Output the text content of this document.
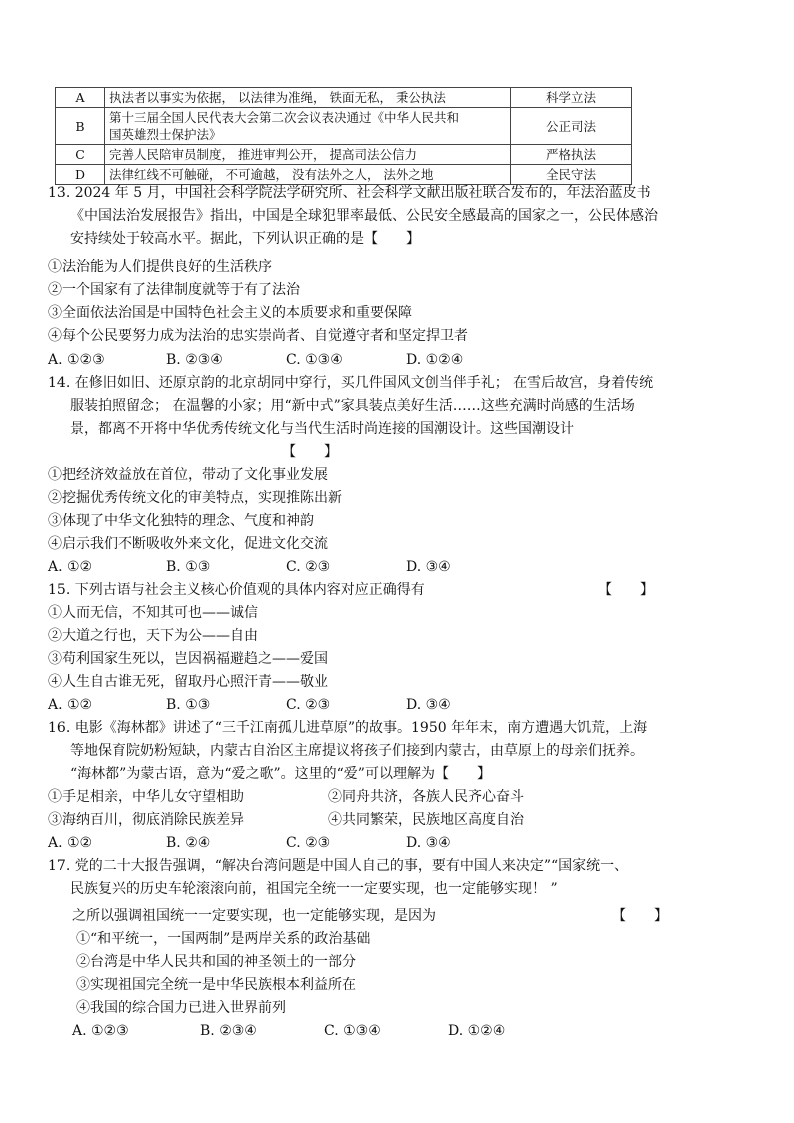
A	执法者以事实为依据， 以法律为准绳， 铁面无私， 秉公执法	科学立法
B	第十三届全国人民代表大会第二次会议表决通过《中华人民共和
国英雄烈士保护法》	公正司法
C	完善人民陪审员制度， 推进审判公开， 提高司法公信力	严格执法
D	法律红线不可触碰， 不可逾越， 没有法外之人， 法外之地	全民守法
13. 2024 年 5 月，中国社会科学院法学研究所、社会科学文献出版社联合发布的，年法治蓝皮书
《中国法治发展报告》指出，中国是全球犯罪率最低、公民安全感最高的国家之一，公民体感治
安持续处于较高水平。据此，下列认识正确的是【　　】
①法治能为人们提供良好的生活秩序
②一个国家有了法律制度就等于有了法治
③全面依法治国是中国特色社会主义的本质要求和重要保障
④每个公民要努力成为法治的忠实崇尚者、自觉遵守者和坚定捍卫者
A. ①②③	B. ②③④	C. ①③④	D. ①②④
14. 在修旧如旧、还原京韵的北京胡同中穿行，买几件国风文创当伴手礼； 在雪后故宫，身着传统
服装拍照留念； 在温馨的小家；用“新中式”家具装点美好生活……这些充满时尚感的生活场
景，都离不开将中华优秀传统文化与当代生活时尚连接的国潮设计。这些国潮设计
【　　】
①把经济效益放在首位，带动了文化事业发展
②挖掘优秀传统文化的审美特点，实现推陈出新
③体现了中华文化独特的理念、气度和神韵
④启示我们不断吸收外来文化，促进文化交流
A. ①②	B. ①③	C. ②③	D. ③④
15. 下列古语与社会主义核心价值观的具体内容对应正确得有	【　　】
①人而无信，不知其可也——诚信
②大道之行也，天下为公——自由
③苟利国家生死以，岂因祸福避趋之——爱国
④人生自古谁无死，留取丹心照汗青——敬业
A. ①②	B. ①③	C. ②③	D. ③④
16. 电影《海林都》讲述了“三千江南孤儿进草原”的故事。1950 年年末，南方遭遇大饥荒，上海
等地保育院奶粉短缺，内蒙古自治区主席提议将孩子们接到内蒙古，由草原上的母亲们抚养。
“海林都”为蒙古语，意为“爱之歌”。这里的“爱”可以理解为【　　】
①手足相亲，中华儿女守望相助	②同舟共济，各族人民齐心奋斗
③海纳百川，彻底消除民族差异	④共同繁荣，民族地区高度自治
A. ①②	B. ②④	C. ②③	D. ③④
17. 党的二十大报告强调，“解决台湾问题是中国人自己的事，要有中国人来决定”“国家统一、
民族复兴的历史车轮滚滚向前，祖国完全统一一定要实现，也一定能够实现！ ”
之所以强调祖国统一一定要实现，也一定能够实现，是因为	【　　】
①“和平统一，一国两制”是两岸关系的政治基础
②台湾是中华人民共和国的神圣领土的一部分
③实现祖国完全统一是中华民族根本利益所在
④我国的综合国力已进入世界前列
A. ①②③	B. ②③④	C. ①③④	D. ①②④
